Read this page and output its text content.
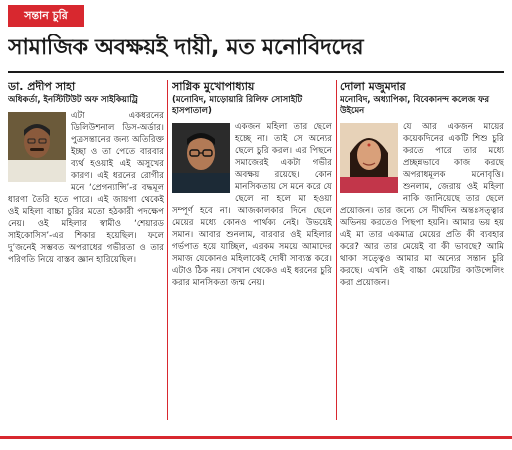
সন্তান চুরি
সামাজিক অবক্ষয়ই দায়ী, মত মনোবিদদের
ডা. প্রদীপ সাহা
অধিকর্তা, ইনস্টিটিউট অফ সাইকিয়াট্রি

এটা একধরনের ডিলিউশনাল ডিস-অর্ডার। পুত্রসন্তানের জন্য অতিরিক্ত ইচ্ছা ও তা পেতে বারবার ব্যর্থ হওয়াই এই অসুখের কারণ। এই ধরনের রোগীর মনে ‘প্রেগন্যান্সি’-র বদ্ধমূল ধারণা তৈরি হতে পারে। এই জায়গা থেকেই ওই মহিলা বাচ্চা চুরির মতো হঠকারী পদক্ষেপ নেয়। ওই মহিলার স্বামীও ‘শেয়ারড সাইকোসিস’-এর শিকার হয়েছিল। ফলে দু’জনেই সম্ভবত অপরাধের গভীরতা ও তার পরিণতি নিয়ে বাস্তব জ্ঞান হারিয়েছিল।

সাগ্নিক মুখোপাধ্যায়
(মনোবিদ, মাড়োয়ারি রিলিফ সোসাইটি হাসপাতাল)

একজন মহিলা তার ছেলে হচ্ছে না। তাই সে অন্যের ছেলে চুরি করল। এর পিছনে সমাজেরই একটা গভীর অবক্ষয় রয়েছে। কোন মানসিকতায় সে মনে করে যে ছেলে না হলে মা হওয়া সম্পূর্ণ হবে না। আজকালকার দিনে ছেলে মেয়ের মধ্যে কোনও পার্থক্য নেই। উভয়েই সমান। আবার শুনলাম, বারবার ওই মহিলার গর্ভপাত হয়ে যাচ্ছিল, এরকম সময়ে আমাদের সমাজ যেকোনও মহিলাকেই দোষী সাব্যস্ত করে। এটাও ঠিক নয়। সেখান থেকেও এই ধরনের চুরি করার মানসিকতা জন্ম নেয়।

দোলা মজুমদার
মনোবিদ, অধ্যাপিকা, বিবেকানন্দ কলেজ ফর উইমেন

যে আর একজন মায়ের কয়েকদিনের একটি শিশু চুরি করতে পারে তার মধ্যে প্রচ্ছন্নভাবে কাজ করছে অপরাধমূলক মনোবৃত্তি। শুনলাম, জেরায় ওই মহিলা নাকি জানিয়েছে তার ছেলে প্রয়োজন। তার জন্যে সে দীর্ঘদিন অন্তঃসত্ত্বার অভিনয় করতেও পিছপা হয়নি। আমার ভয় হয় এই মা তার একমাত্র মেয়ের প্রতি কী ব্যবহার করে? আর তার মেয়েই বা কী ভাবছে? আমি থাকা সত্ত্বেও আমার মা অন্যের সন্তান চুরি করছে। এখনি ওই বাচ্চা মেয়েটির কাউন্সেলিং করা প্রয়োজন।
